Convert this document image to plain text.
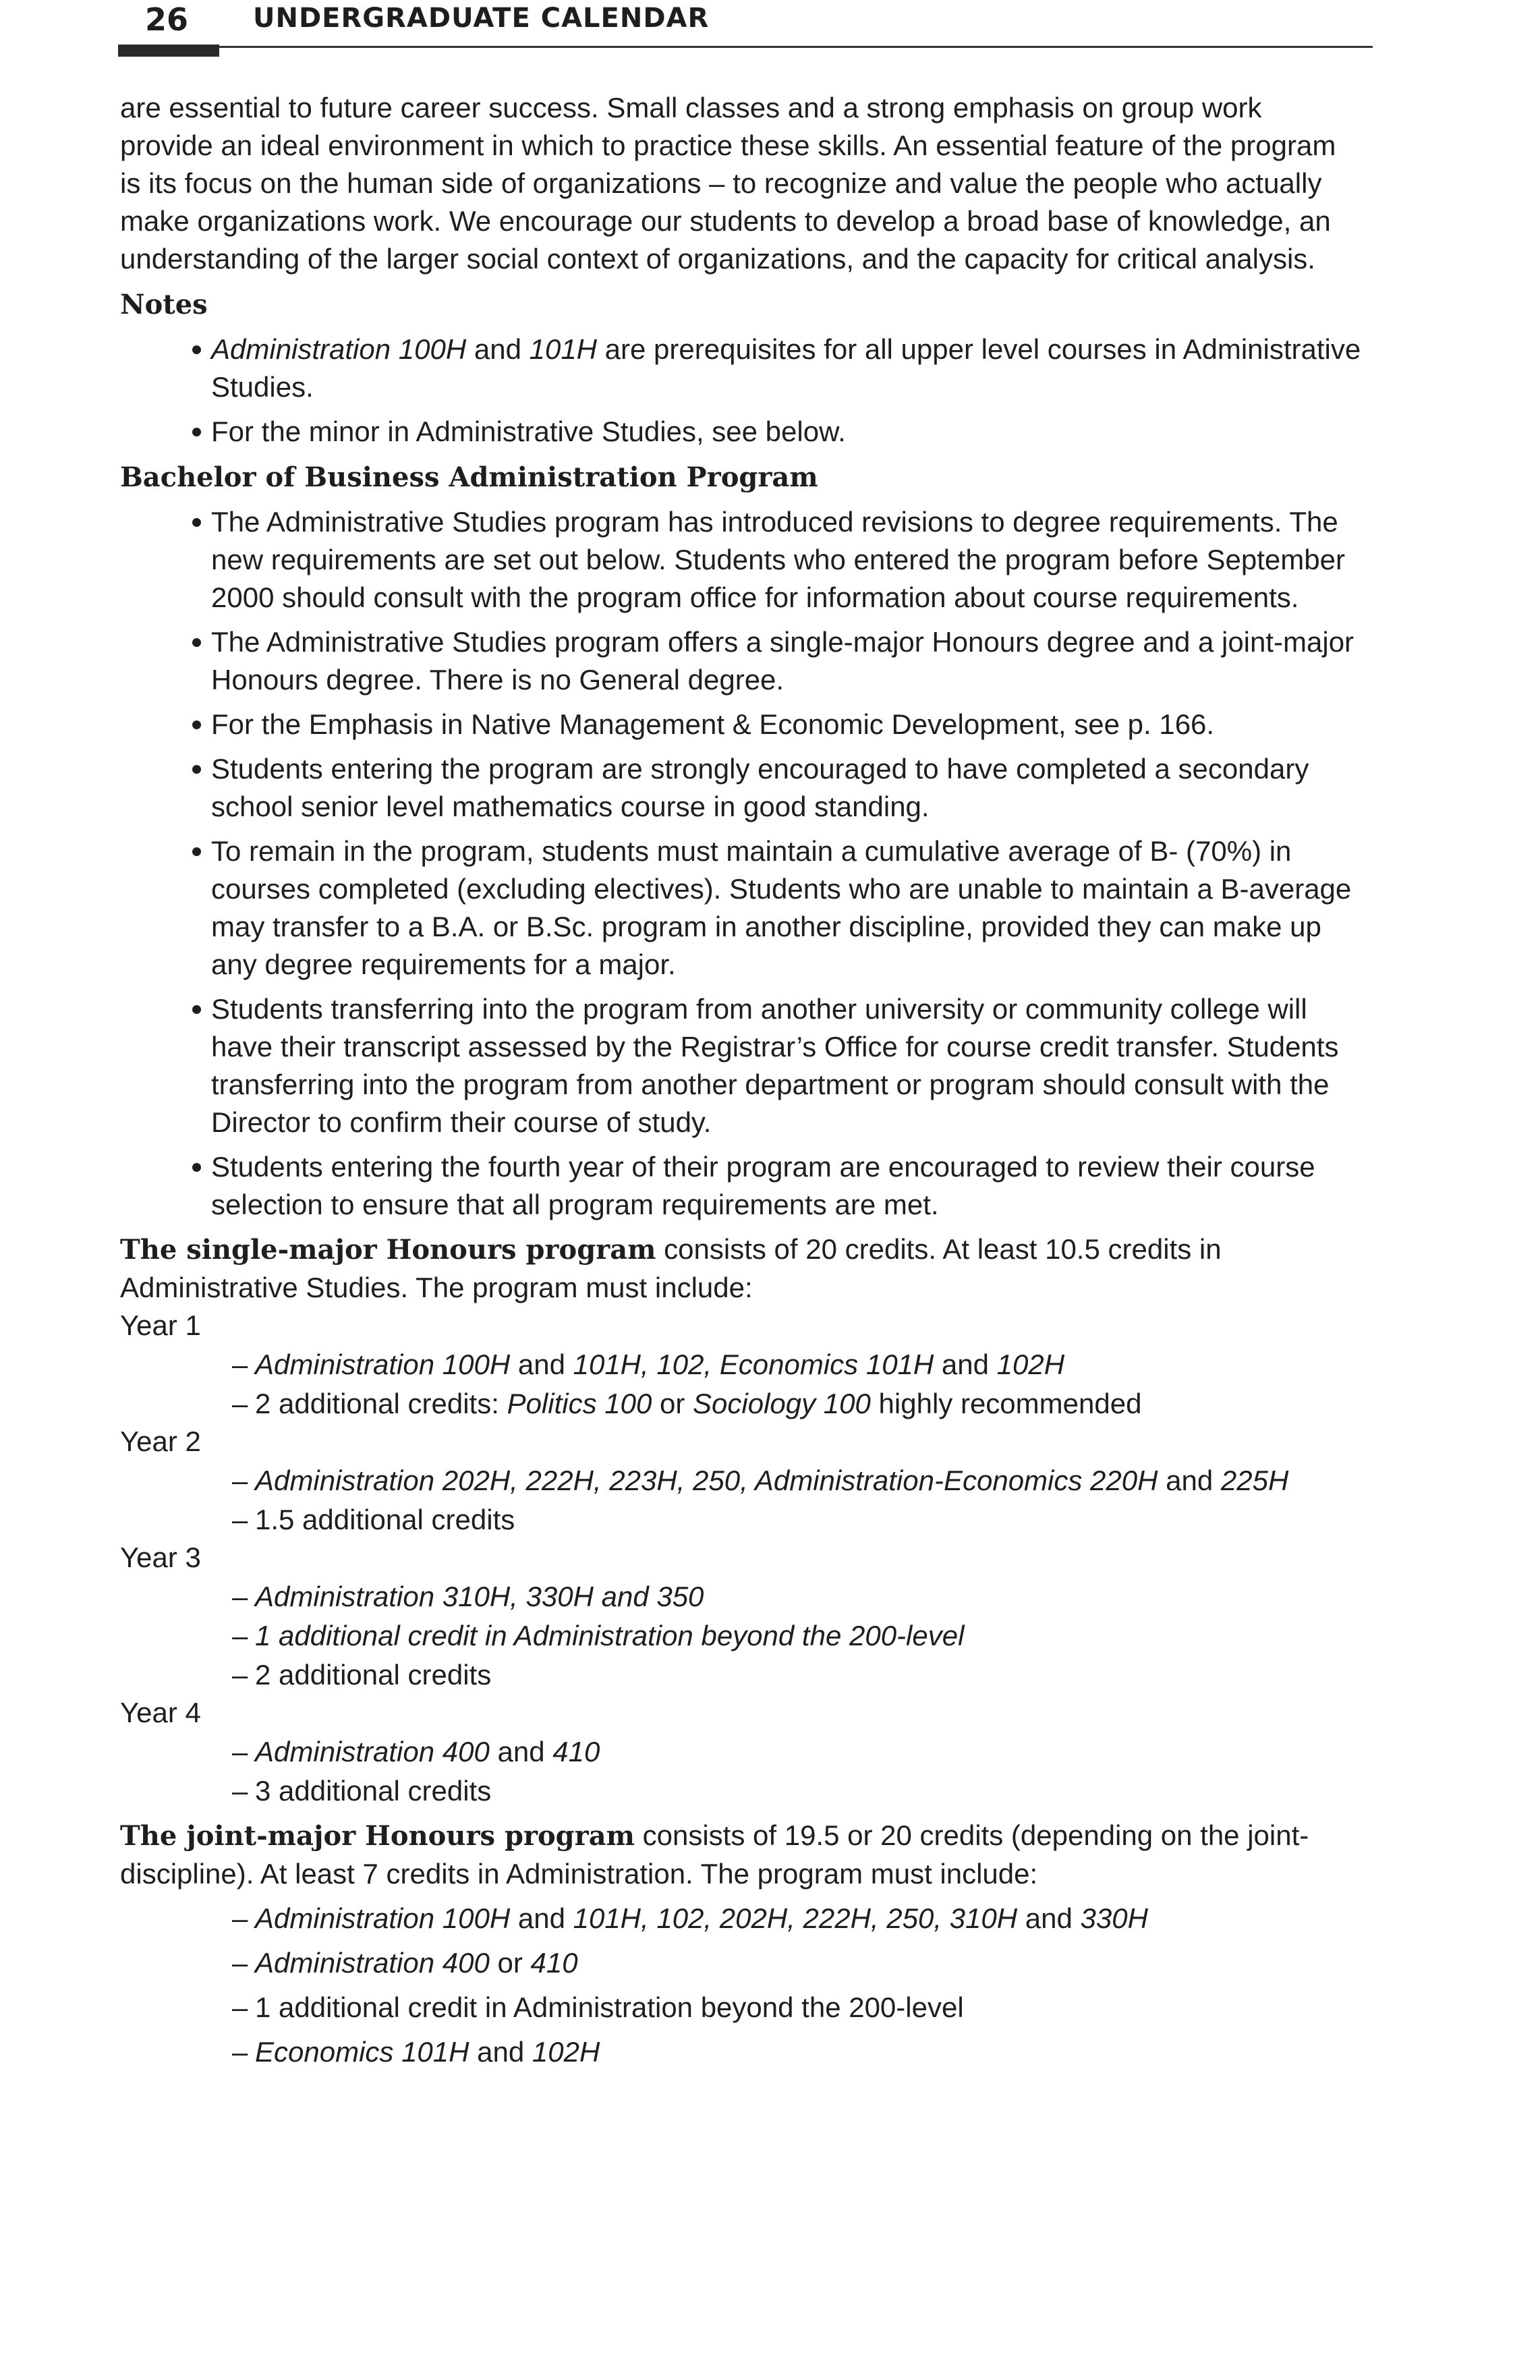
26 UNDERGRADUATE CALENDAR

are essential to future career success. Small classes and a strong emphasis on group work provide an ideal environment in which to practice these skills. An essential feature of the program is its focus on the human side of organizations – to recognize and value the people who actually make organizations work. We encourage our students to develop a broad base of knowledge, an understanding of the larger social context of organizations, and the capacity for critical analysis.

Notes
Administration 100H and 101H are prerequisites for all upper level courses in Administrative Studies.
For the minor in Administrative Studies, see below.
Bachelor of Business Administration Program
The Administrative Studies program has introduced revisions to degree requirements. The new requirements are set out below. Students who entered the program before September 2000 should consult with the program office for information about course requirements.
The Administrative Studies program offers a single-major Honours degree and a joint-major Honours degree. There is no General degree.
For the Emphasis in Native Management & Economic Development, see p. 166.
Students entering the program are strongly encouraged to have completed a secondary school senior level mathematics course in good standing.
To remain in the program, students must maintain a cumulative average of B- (70%) in courses completed (excluding electives). Students who are unable to maintain a B-average may transfer to a B.A. or B.Sc. program in another discipline, provided they can make up any degree requirements for a major.
Students transferring into the program from another university or community college will have their transcript assessed by the Registrar’s Office for course credit transfer. Students transferring into the program from another department or program should consult with the Director to confirm their course of study.
Students entering the fourth year of their program are encouraged to review their course selection to ensure that all program requirements are met.

The single-major Honours program consists of 20 credits. At least 10.5 credits in Administrative Studies. The program must include:

Year 1

– Administration 100H and 101H, 102, Economics 101H and 102H
– 2 additional credits: Politics 100 or Sociology 100 highly recommended

Year 2

– Administration 202H, 222H, 223H, 250, Administration-Economics 220H and 225H
– 1.5 additional credits

Year 3

– Administration 310H, 330H and 350
– 1 additional credit in Administration beyond the 200-level
– 2 additional credits

Year 4

– Administration 400 and 410
– 3 additional credits

The joint-major Honours program consists of 19.5 or 20 credits (depending on the joint-discipline). At least 7 credits in Administration. The program must include:

– Administration 100H and 101H, 102, 202H, 222H, 250, 310H and 330H
– Administration 400 or 410
– 1 additional credit in Administration beyond the 200-level
– Economics 101H and 102H
